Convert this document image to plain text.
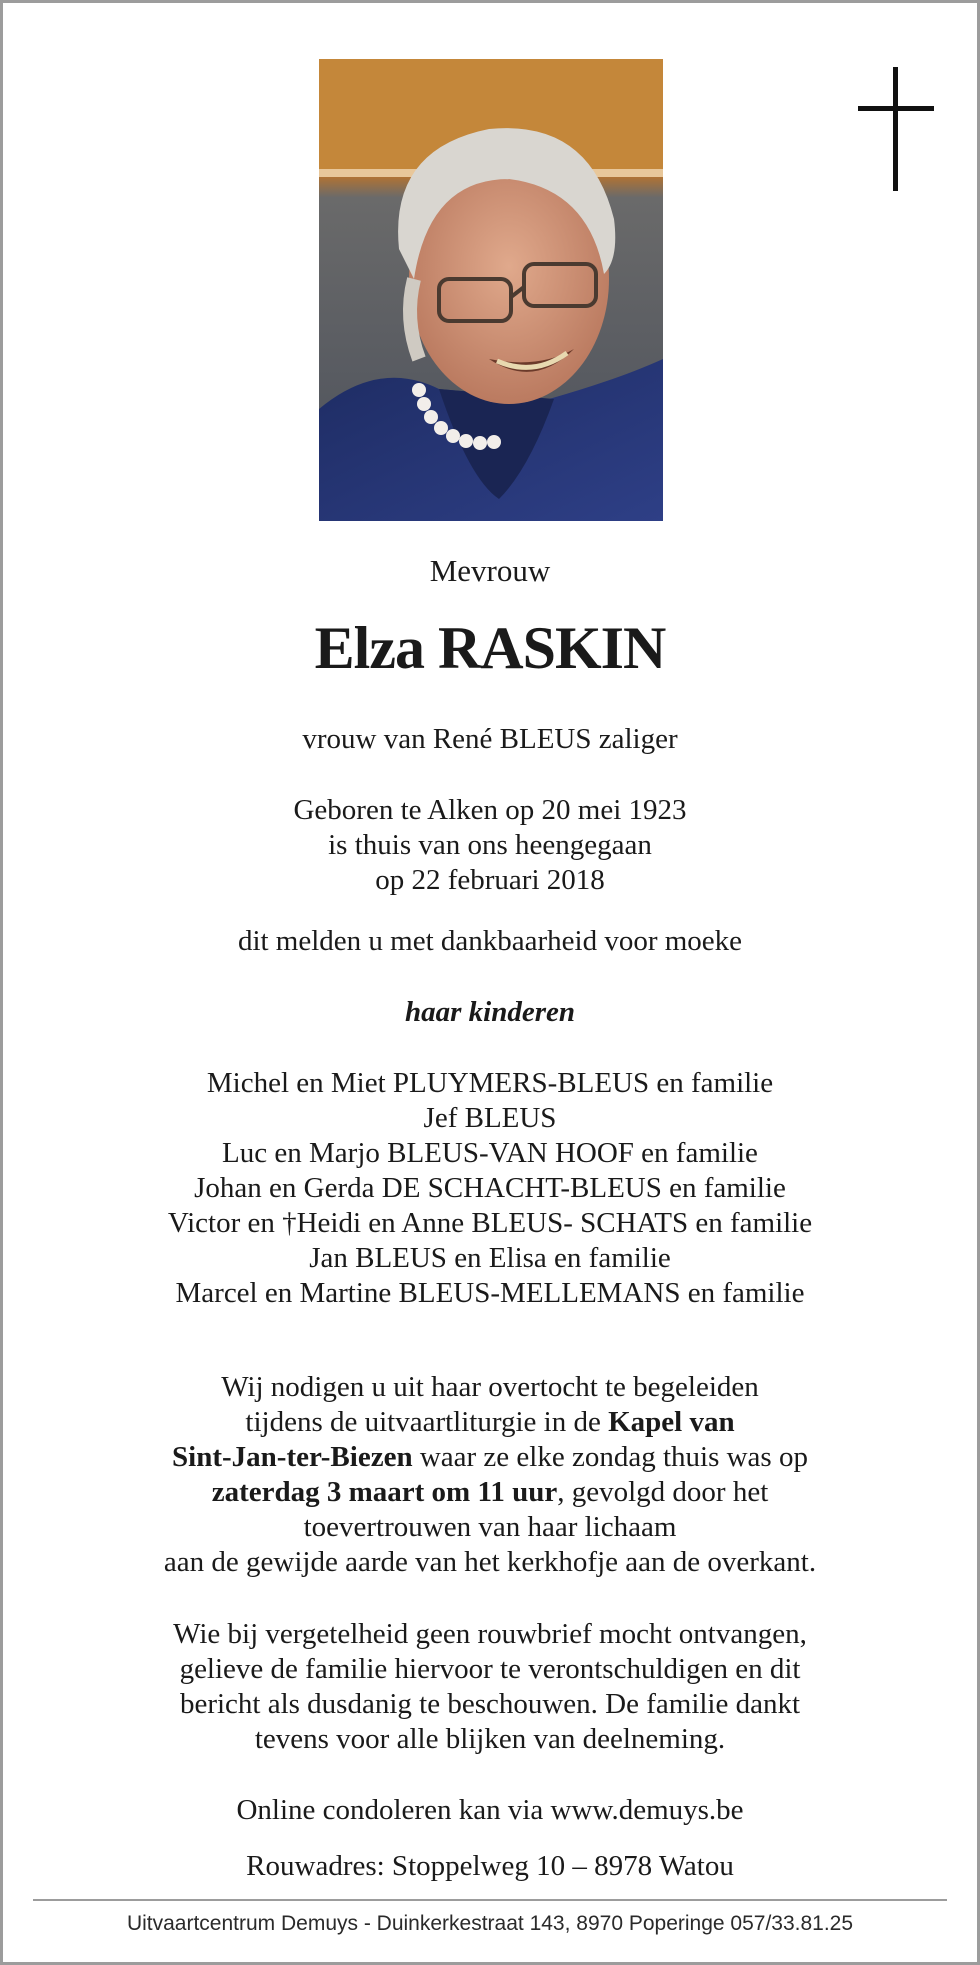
Mevrouw
Elza RASKIN
vrouw van René BLEUS zaliger
Geboren te Alken op 20 mei 1923
is thuis van ons heengegaan
op 22 februari 2018
dit melden u met dankbaarheid voor moeke
haar kinderen
Michel en Miet PLUYMERS-BLEUS en familie
Jef BLEUS
Luc en Marjo BLEUS-VAN HOOF en familie
Johan en Gerda DE SCHACHT-BLEUS en familie
Victor en †Heidi en Anne BLEUS- SCHATS en familie
Jan BLEUS en Elisa en familie
Marcel en Martine BLEUS-MELLEMANS en familie
Wij nodigen u uit haar overtocht te begeleiden
tijdens de uitvaartliturgie in de Kapel van
Sint-Jan-ter-Biezen waar ze elke zondag thuis was op
zaterdag 3 maart om 11 uur, gevolgd door het
toevertrouwen van haar lichaam
aan de gewijde aarde van het kerkhofje aan de overkant.
Wie bij vergetelheid geen rouwbrief mocht ontvangen,
gelieve de familie hiervoor te verontschuldigen en dit
bericht als dusdanig te beschouwen. De familie dankt
tevens voor alle blijken van deelneming.
Online condoleren kan via www.demuys.be
Rouwadres: Stoppelweg 10 – 8978 Watou
Uitvaartcentrum Demuys - Duinkerkestraat 143, 8970 Poperinge 057/33.81.25
